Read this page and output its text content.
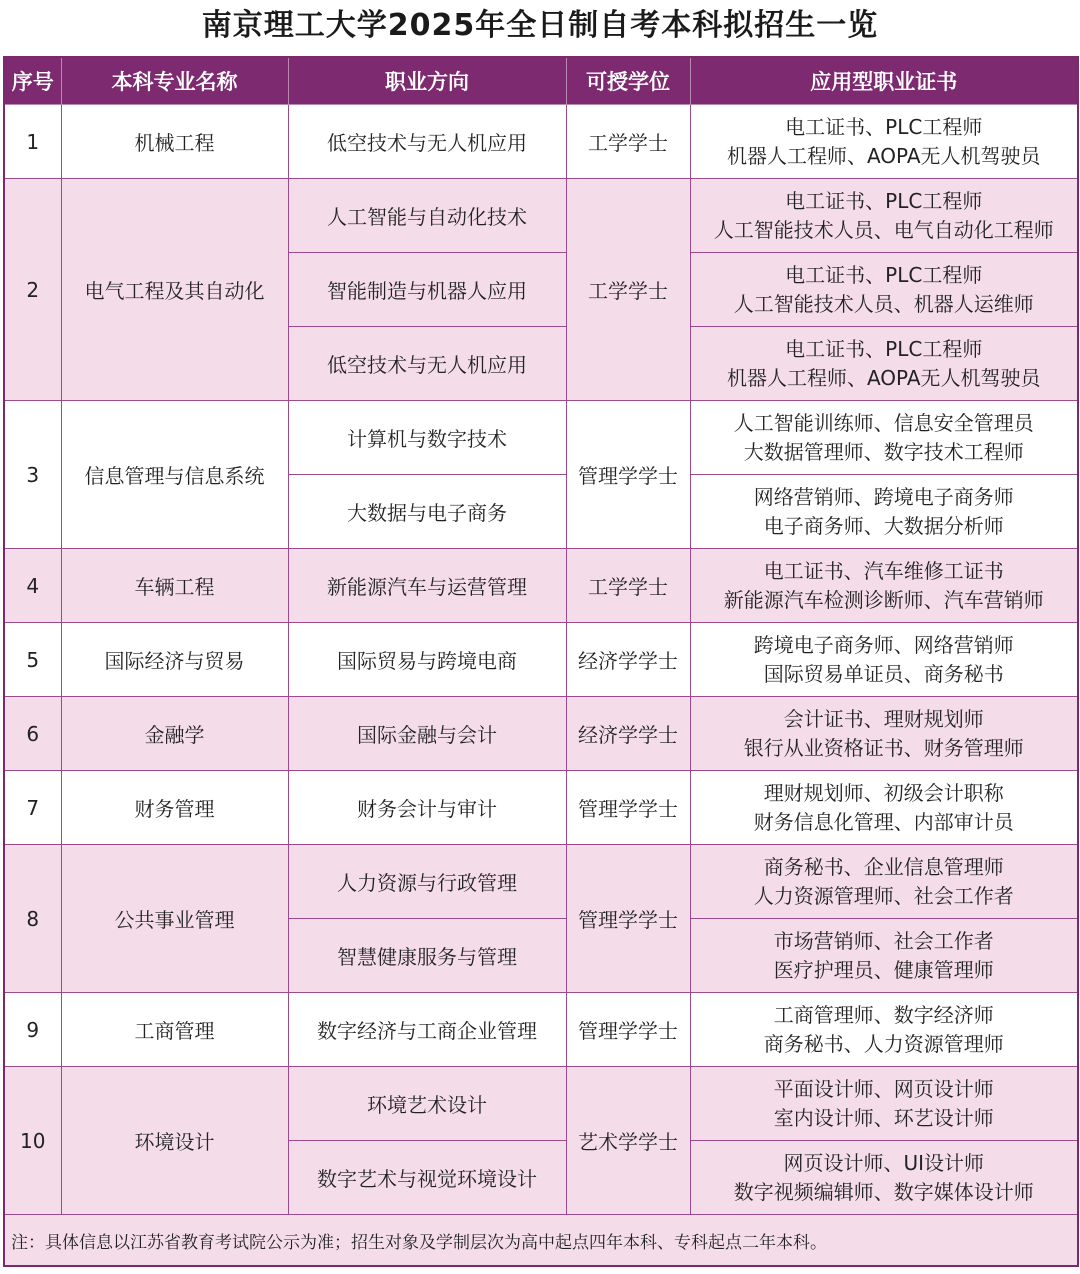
南京理工大学2025年全日制自考本科拟招生一览
序号	本科专业名称	职业方向	可授学位	应用型职业证书
1	机械工程	低空技术与无人机应用	工学学士	电工证书、PLC工程师
机器人工程师、AOPA无人机驾驶员

2	电气工程及其自动化	人工智能与自动化技术	工学学士	电工证书、PLC工程师
人工智能技术人员、电气自动化工程师

		智能制造与机器人应用		电工证书、PLC工程师
人工智能技术人员、机器人运维师

		低空技术与无人机应用		电工证书、PLC工程师
机器人工程师、AOPA无人机驾驶员

3	信息管理与信息系统	计算机与数字技术	管理学学士	人工智能训练师、信息安全管理员
大数据管理师、数字技术工程师

		大数据与电子商务		网络营销师、跨境电子商务师
电子商务师、大数据分析师

4	车辆工程	新能源汽车与运营管理	工学学士	电工证书、汽车维修工证书
新能源汽车检测诊断师、汽车营销师

5	国际经济与贸易	国际贸易与跨境电商	经济学学士	跨境电子商务师、网络营销师
国际贸易单证员、商务秘书

6	金融学	国际金融与会计	经济学学士	会计证书、理财规划师
银行从业资格证书、财务管理师

7	财务管理	财务会计与审计	管理学学士	理财规划师、初级会计职称
财务信息化管理、内部审计员

8	公共事业管理	人力资源与行政管理	管理学学士	商务秘书、企业信息管理师
人力资源管理师、社会工作者

		智慧健康服务与管理		市场营销师、社会工作者
医疗护理员、健康管理师

9	工商管理	数字经济与工商企业管理	管理学学士	工商管理师、数字经济师
商务秘书、人力资源管理师

10	环境设计	环境艺术设计	艺术学学士	平面设计师、网页设计师
室内设计师、环艺设计师

		数字艺术与视觉环境设计		网页设计师、UI设计师
数字视频编辑师、数字媒体设计师

注：具体信息以江苏省教育考试院公示为准；招生对象及学制层次为高中起点四年本科、专科起点二年本科。				
